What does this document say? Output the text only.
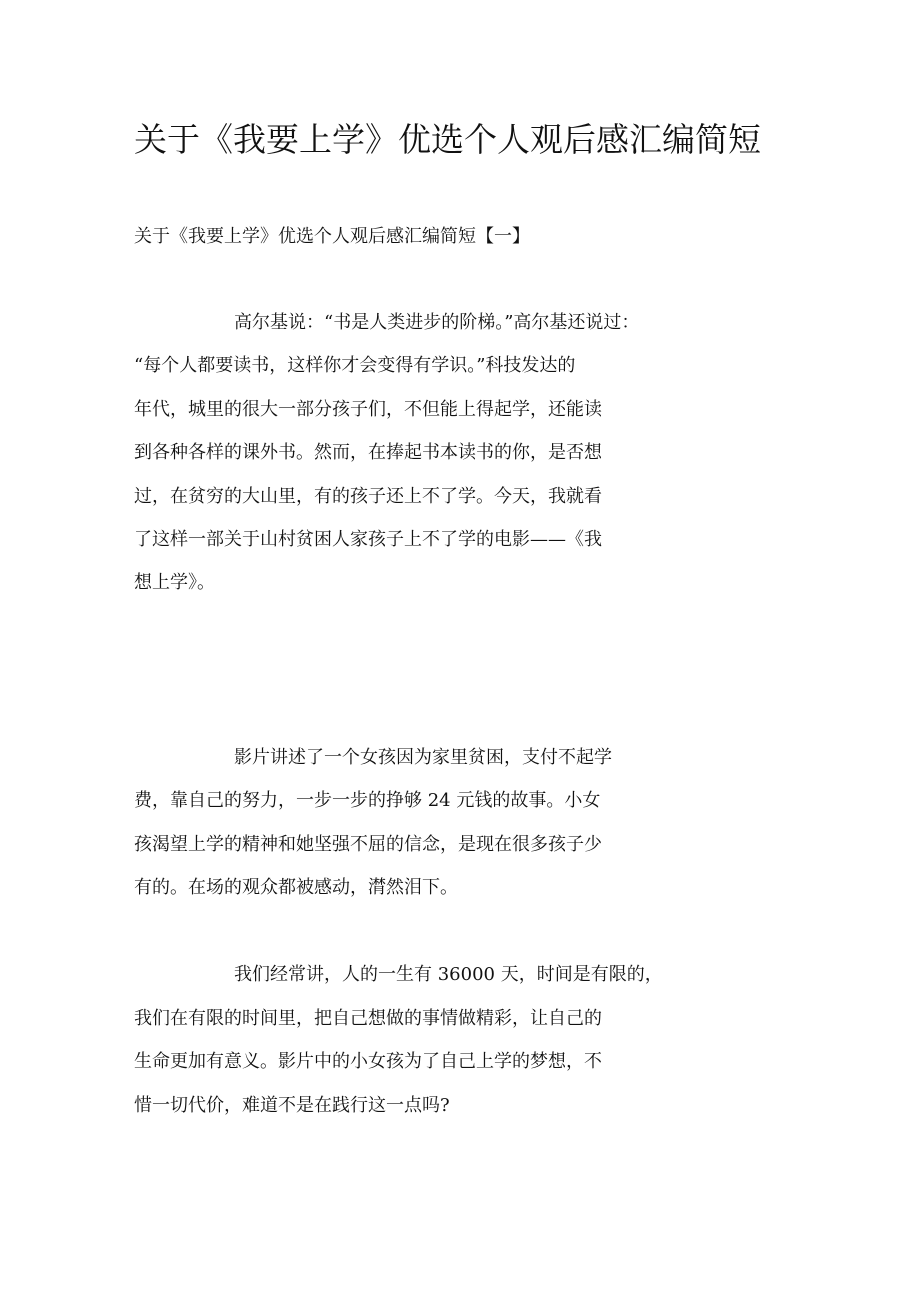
关于《我要上学》优选个人观后感汇编简短
关于《我要上学》优选个人观后感汇编简短【一】

高尔基说：“书是人类进步的阶梯。”高尔基还说过：

“每个人都要读书，这样你才会变得有学识。”科技发达的

年代，城里的很大一部分孩子们，不但能上得起学，还能读

到各种各样的课外书。然而，在捧起书本读书的你，是否想

过，在贫穷的大山里，有的孩子还上不了学。今天，我就看

了这样一部关于山村贫困人家孩子上不了学的电影——《我

想上学》。

影片讲述了一个女孩因为家里贫困，支付不起学

费，靠自己的努力，一步一步的挣够 24 元钱的故事。小女

孩渴望上学的精神和她坚强不屈的信念，是现在很多孩子少

有的。在场的观众都被感动，潸然泪下。

我们经常讲，人的一生有 36000 天，时间是有限的，

我们在有限的时间里，把自己想做的事情做精彩，让自己的

生命更加有意义。影片中的小女孩为了自己上学的梦想，不

惜一切代价，难道不是在践行这一点吗?
